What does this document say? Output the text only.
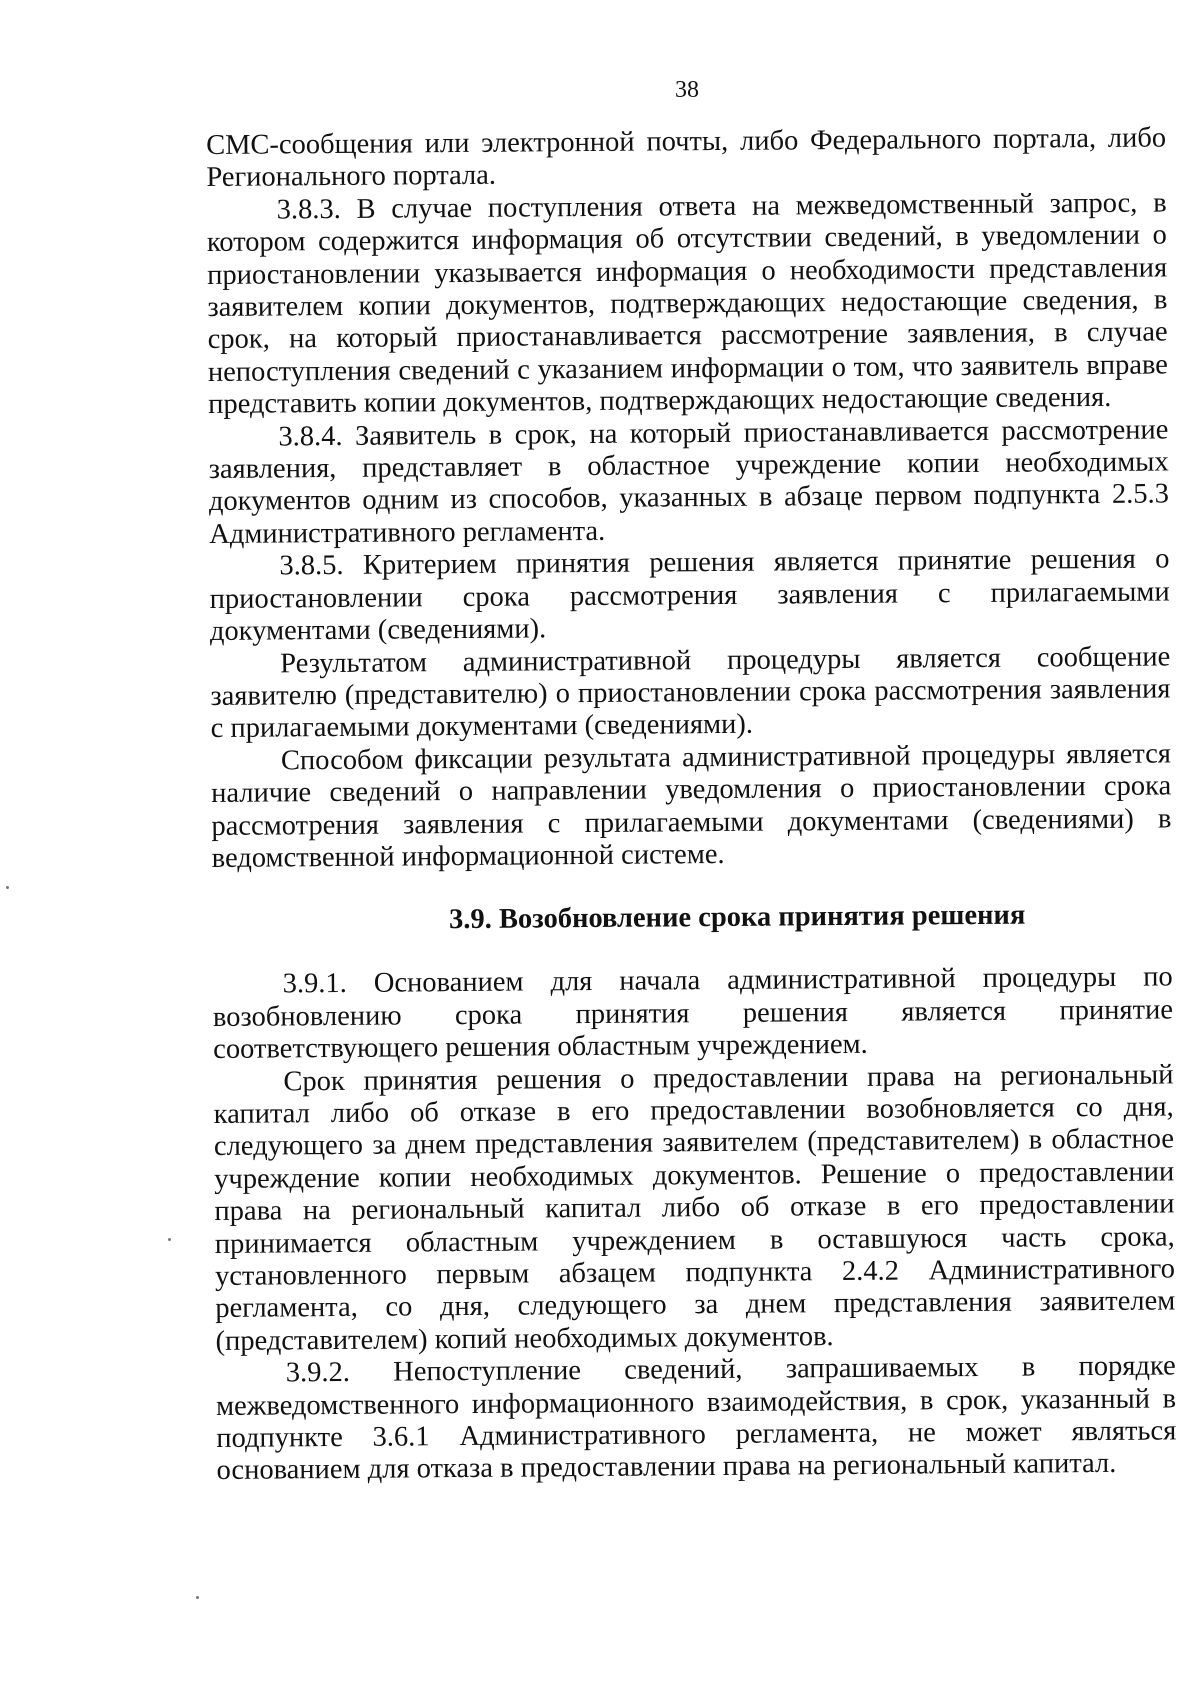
38

СМС-сообщения или электронной почты, либо Федерального портала, либо Регионального портала.

3.8.3. В случае поступления ответа на межведомственный запрос, в котором содержится информация об отсутствии сведений, в уведомлении о приостановлении указывается информация о необходимости представления заявителем копии документов, подтверждающих недостающие сведения, в срок, на который приостанавливается рассмотрение заявления, в случае непоступления сведений с указанием информации о том, что заявитель вправе представить копии документов, подтверждающих недостающие сведения.

3.8.4. Заявитель в срок, на который приостанавливается рассмотрение заявления, представляет в областное учреждение копии необходимых документов одним из способов, указанных в абзаце первом подпункта 2.5.3 Административного регламента.

3.8.5. Критерием принятия решения является принятие решения о приостановлении срока рассмотрения заявления с прилагаемыми документами (сведениями).

Результатом административной процедуры является сообщение заявителю (представителю) о приостановлении срока рассмотрения заявления с прилагаемыми документами (сведениями).

Способом фиксации результата административной процедуры является наличие сведений о направлении уведомления о приостановлении срока рассмотрения заявления с прилагаемыми документами (сведениями) в ведомственной информационной системе.

3.9. Возобновление срока принятия решения

3.9.1. Основанием для начала административной процедуры по возобновлению срока принятия решения является принятие соответствующего решения областным учреждением.

Срок принятия решения о предоставлении права на региональный капитал либо об отказе в его предоставлении возобновляется со дня, следующего за днем представления заявителем (представителем) в областное учреждение копии необходимых документов. Решение о предоставлении права на региональный капитал либо об отказе в его предоставлении принимается областным учреждением в оставшуюся часть срока, установленного первым абзацем подпункта 2.4.2 Административного регламента, со дня, следующего за днем представления заявителем (представителем) копий необходимых документов.

3.9.2. Непоступление сведений, запрашиваемых в порядке межведомственного информационного взаимодействия, в срок, указанный в подпункте 3.6.1 Административного регламента, не может являться основанием для отказа в предоставлении права на региональный капитал.
